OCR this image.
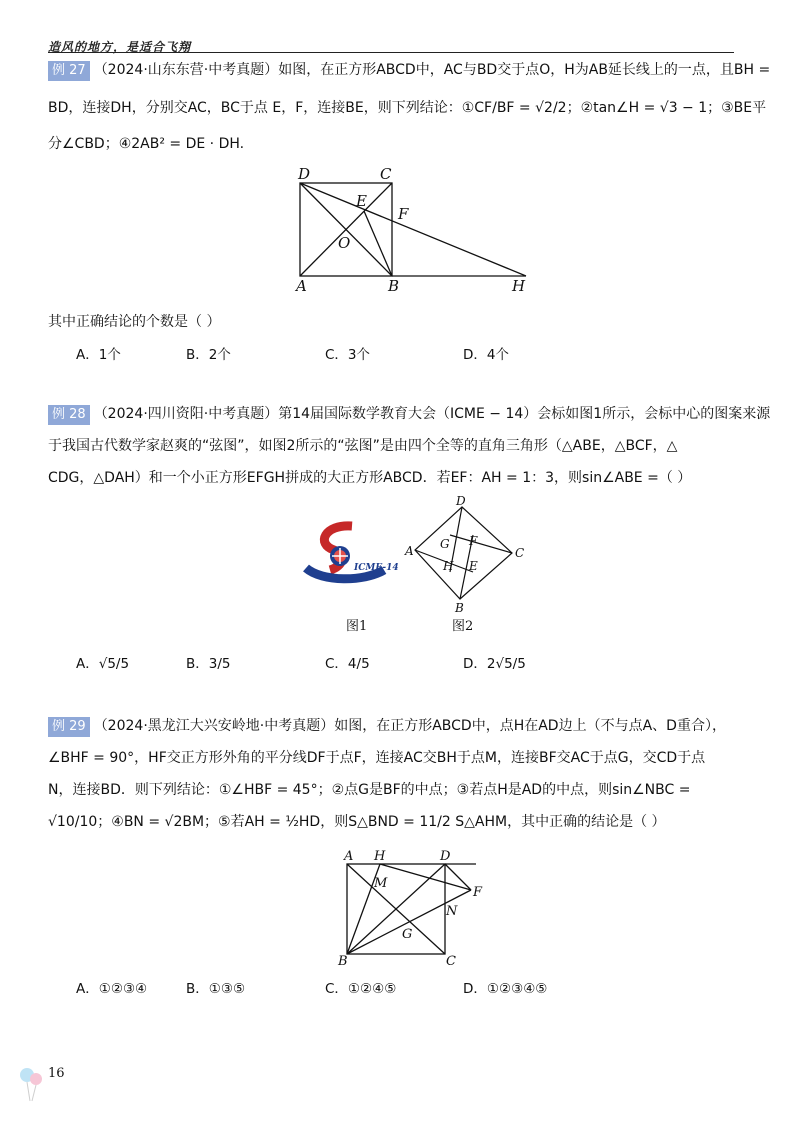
造风的地方，是适合飞翔
例 27 （2024·山东东营·中考真题）如图，在正方形ABCD中，AC与BD交于点O，H为AB延长线上的一点，且BH =
BD，连接DH，分别交AC，BC于点 E，F，连接BE，则下列结论：①CF/BF = √2/2；②tan∠H = √3 − 1；③BE平
分∠CBD；④2AB² = DE · DH.
其中正确结论的个数是（ ）
D	C
E
F
O
A	B	H
A．1个	B．2个	C．3个	D．4个
例 28 （2024·四川资阳·中考真题）第14届国际数学教育大会（ICME − 14）会标如图1所示，会标中心的图案来源
于我国古代数学家赵爽的“弦图”，如图2所示的“弦图”是由四个全等的直角三角形（△ABE，△BCF，△
CDG，△DAH）和一个小正方形EFGH拼成的大正方形ABCD．若EF：AH = 1：3，则sin∠ABE =（ ）
ICME-14
D
A	C
G F
H E
B
图1	图2
A．√5/5	B．3/5	C．4/5	D．2√5/5
例 29 （2024·黑龙江大兴安岭地·中考真题）如图，在正方形ABCD中，点H在AD边上（不与点A、D重合），
∠BHF = 90°，HF交正方形外角的平分线DF于点F，连接AC交BH于点M，连接BF交AC于点G，交CD于点
N，连接BD．则下列结论：①∠HBF = 45°；②点G是BF的中点；③若点H是AD的中点，则sin∠NBC =
√10/10；④BN = √2BM；⑤若AH = ½HD，则S△BND = 11/2 S△AHM，其中正确的结论是（ ）
A H	D
M
F
N
G
B	C
A．①②③④	B．①③⑤	C．①②④⑤	D．①②③④⑤
16
